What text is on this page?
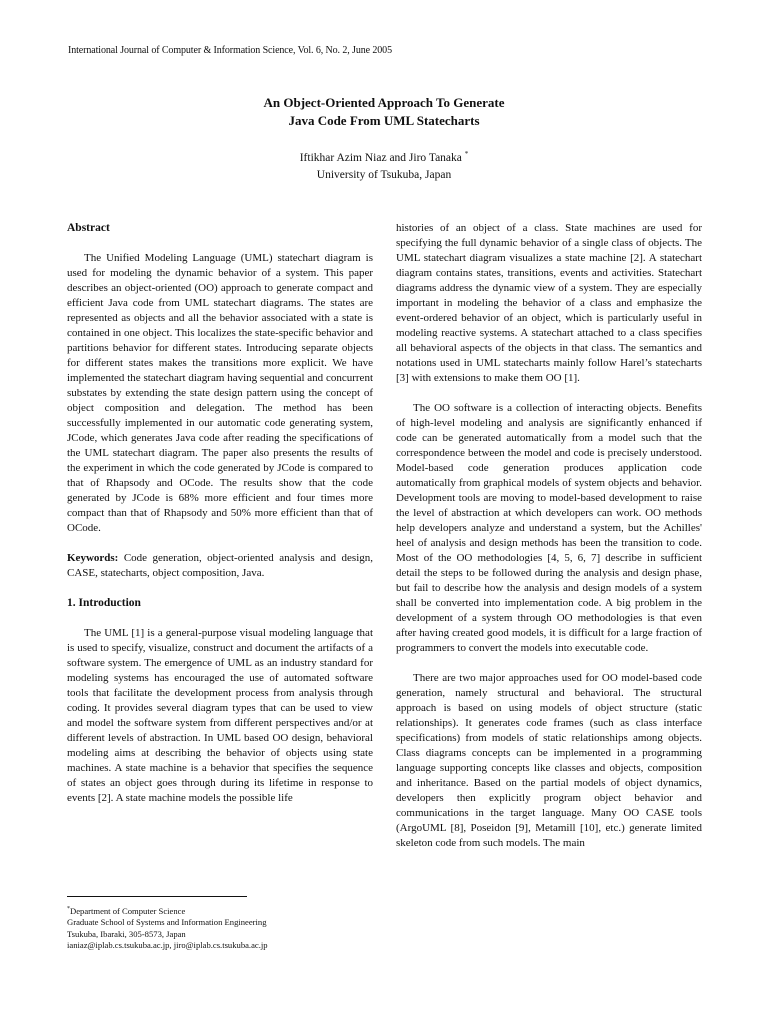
International Journal of Computer & Information Science, Vol. 6, No. 2, June 2005
An Object-Oriented Approach To Generate
Java Code From UML Statecharts
Iftikhar Azim Niaz and Jiro Tanaka *
University of Tsukuba, Japan
Abstract

The Unified Modeling Language (UML) statechart diagram is used for modeling the dynamic behavior of a system. This paper describes an object-oriented (OO) approach to generate compact and efficient Java code from UML statechart diagrams. The states are represented as objects and all the behavior associated with a state is contained in one object. This localizes the state-specific behavior and partitions behavior for different states. Introducing separate objects for different states makes the transitions more explicit. We have implemented the statechart diagram having sequential and concurrent substates by extending the state design pattern using the concept of object composition and delegation. The method has been successfully implemented in our automatic code generating system, JCode, which generates Java code after reading the specifications of the UML statechart diagram. The paper also presents the results of the experiment in which the code generated by JCode is compared to that of Rhapsody and OCode. The results show that the code generated by JCode is 68% more efficient and four times more compact than that of Rhapsody and 50% more efficient than that of OCode.

Keywords: Code generation, object-oriented analysis and design, CASE, statecharts, object composition, Java.

1. Introduction

The UML [1] is a general-purpose visual modeling language that is used to specify, visualize, construct and document the artifacts of a software system. The emergence of UML as an industry standard for modeling systems has encouraged the use of automated software tools that facilitate the development process from analysis through coding. It provides several diagram types that can be used to view and model the software system from different perspectives and/or at different levels of abstraction. In UML based OO design, behavioral modeling aims at describing the behavior of objects using state machines. A state machine is a behavior that specifies the sequence of states an object goes through during its lifetime in response to events [2]. A state machine models the possible life

histories of an object of a class. State machines are used for specifying the full dynamic behavior of a single class of objects. The UML statechart diagram visualizes a state machine [2]. A statechart diagram contains states, transitions, events and activities. Statechart diagrams address the dynamic view of a system. They are especially important in modeling the behavior of a class and emphasize the event-ordered behavior of an object, which is particularly useful in modeling reactive systems. A statechart attached to a class specifies all behavioral aspects of the objects in that class. The semantics and notations used in UML statecharts mainly follow Harel’s statecharts [3] with extensions to make them OO [1].

The OO software is a collection of interacting objects. Benefits of high-level modeling and analysis are significantly enhanced if code can be generated automatically from a model such that the correspondence between the model and code is precisely understood. Model-based code generation produces application code automatically from graphical models of system objects and behavior. Development tools are moving to model-based development to raise the level of abstraction at which developers can work. OO methods help developers analyze and understand a system, but the Achilles' heel of analysis and design methods has been the transition to code. Most of the OO methodologies [4, 5, 6, 7] describe in sufficient detail the steps to be followed during the analysis and design phase, but fail to describe how the analysis and design models of a system shall be converted into implementation code. A big problem in the development of a system through OO methodologies is that even after having created good models, it is difficult for a large fraction of programmers to convert the models into executable code.

There are two major approaches used for OO model-based code generation, namely structural and behavioral. The structural approach is based on using models of object structure (static relationships). It generates code frames (such as class interface specifications) from models of static relationships among objects. Class diagrams concepts can be implemented in a programming language supporting concepts like classes and objects, composition and inheritance. Based on the partial models of object dynamics, developers then explicitly program object behavior and communications in the target language. Many OO CASE tools (ArgoUML [8], Poseidon [9], Metamill [10], etc.) generate limited skeleton code from such models. The main

*Department of Computer Science
Graduate School of Systems and Information Engineering
Tsukuba, Ibaraki, 305-8573, Japan
ianiaz@iplab.cs.tsukuba.ac.jp, jiro@iplab.cs.tsukuba.ac.jp
